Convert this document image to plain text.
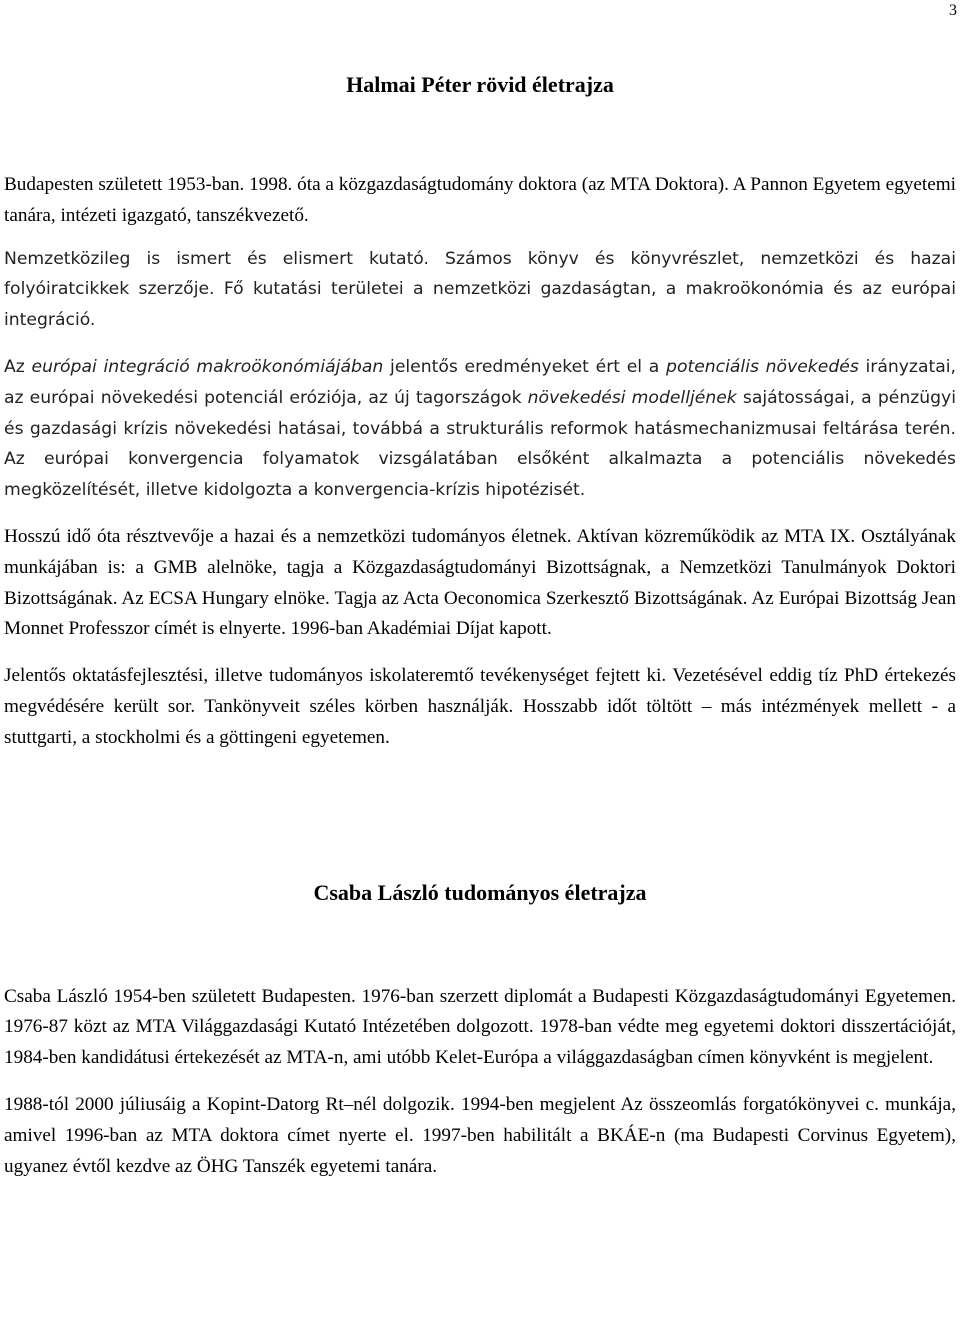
3
Halmai Péter rövid életrajza

Budapesten született 1953-ban. 1998. óta a közgazdaságtudomány doktora (az MTA Doktora). A Pannon Egyetem egyetemi tanára, intézeti igazgató, tanszékvezető.

Nemzetközileg is ismert és elismert kutató. Számos könyv és könyvrészlet, nemzetközi és hazai folyóiratcikkek szerzője. Fő kutatási területei a nemzetközi gazdaságtan, a makroökonómia és az európai integráció.

Az európai integráció makroökonómiájában jelentős eredményeket ért el a potenciális növekedés irányzatai, az európai növekedési potenciál eróziója, az új tagországok növekedési modelljének sajátosságai, a pénzügyi és gazdasági krízis növekedési hatásai, továbbá a strukturális reformok hatásmechanizmusai feltárása terén. Az európai konvergencia folyamatok vizsgálatában elsőként alkalmazta a potenciális növekedés megközelítését, illetve kidolgozta a konvergencia-krízis hipotézisét.

Hosszú idő óta résztvevője a hazai és a nemzetközi tudományos életnek. Aktívan közreműködik az MTA IX. Osztályának munkájában is: a GMB alelnöke, tagja a Közgazdaságtudományi Bizottságnak, a Nemzetközi Tanulmányok Doktori Bizottságának. Az ECSA Hungary elnöke. Tagja az Acta Oeconomica Szerkesztő Bizottságának. Az Európai Bizottság Jean Monnet Professzor címét is elnyerte. 1996-ban Akadémiai Díjat kapott.

Jelentős oktatásfejlesztési, illetve tudományos iskolateremtő tevékenységet fejtett ki. Vezetésével eddig tíz PhD értekezés megvédésére került sor. Tankönyveit széles körben használják. Hosszabb időt töltött – más intézmények mellett - a stuttgarti, a stockholmi és a göttingeni egyetemen.

Csaba László tudományos életrajza

Csaba László 1954-ben született Budapesten. 1976-ban szerzett diplomát a Budapesti Közgazdaságtudományi Egyetemen. 1976-87 közt az MTA Világgazdasági Kutató Intézetében dolgozott. 1978-ban védte meg egyetemi doktori disszertációját, 1984-ben kandidátusi értekezését az MTA-n, ami utóbb Kelet-Európa a világgazdaságban címen könyvként is megjelent.

1988-tól 2000 júliusáig a Kopint-Datorg Rt–nél dolgozik. 1994-ben megjelent Az összeomlás forgatókönyvei c. munkája, amivel 1996-ban az MTA doktora címet nyerte el. 1997-ben habilitált a BKÁE-n (ma Budapesti Corvinus Egyetem), ugyanez évtől kezdve az ÖHG Tanszék egyetemi tanára.
